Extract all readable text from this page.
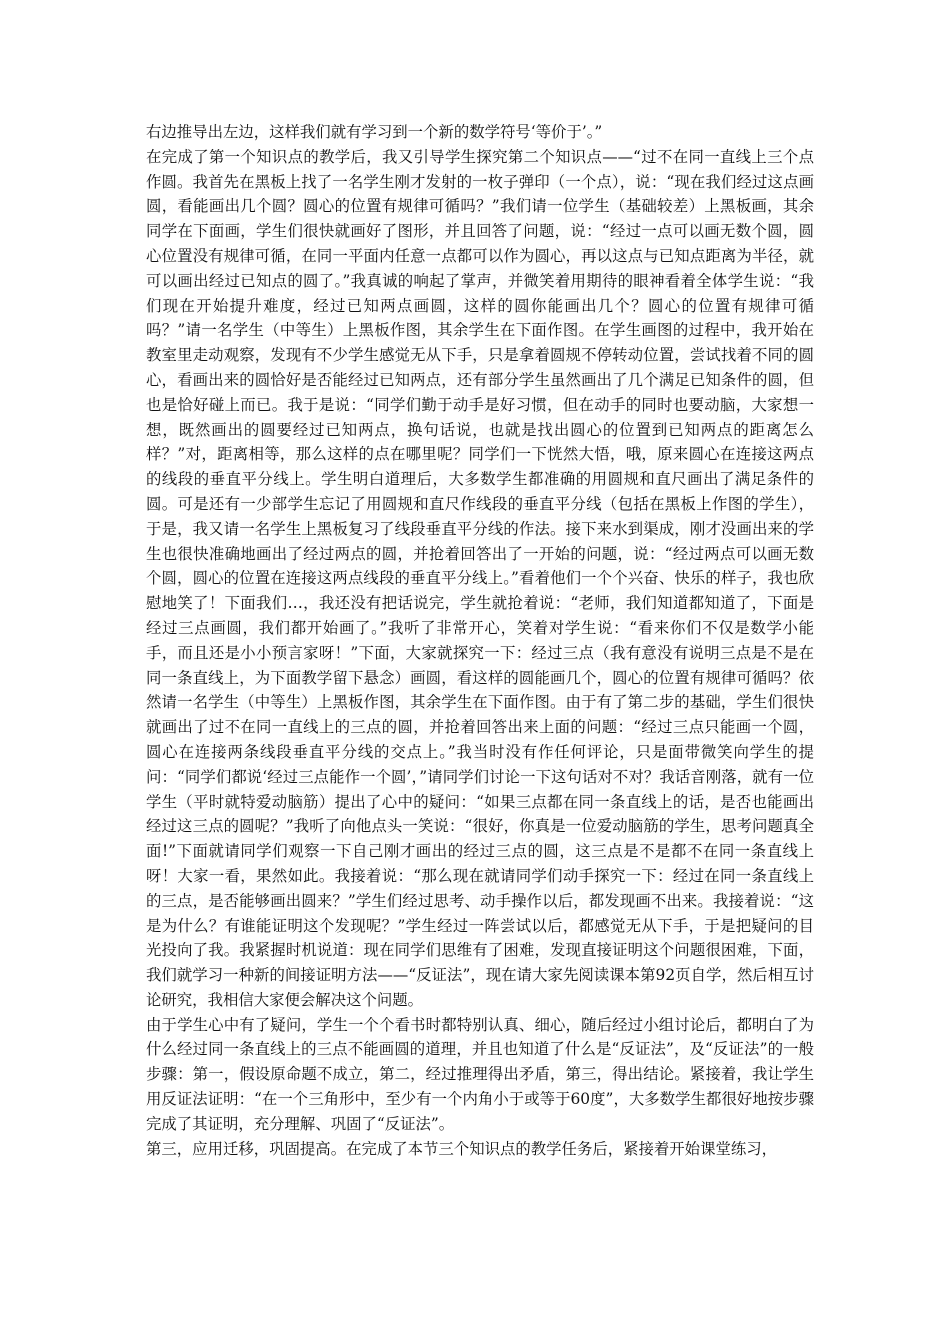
右边推导出左边，这样我们就有学习到一个新的数学符号‘等价于’。”

在完成了第一个知识点的教学后，我又引导学生探究第二个知识点——“过不在同一直线上三个点作圆。我首先在黑板上找了一名学生刚才发射的一枚子弹印（一个点），说：“现在我们经过这点画圆，看能画出几个圆？圆心的位置有规律可循吗？”我们请一位学生（基础较差）上黑板画，其余同学在下面画，学生们很快就画好了图形，并且回答了问题，说：“经过一点可以画无数个圆，圆心位置没有规律可循，在同一平面内任意一点都可以作为圆心，再以这点与已知点距离为半径，就可以画出经过已知点的圆了。”我真诚的响起了掌声，并微笑着用期待的眼神看着全体学生说：“我们现在开始提升难度，经过已知两点画圆，这样的圆你能画出几个？圆心的位置有规律可循吗？”请一名学生（中等生）上黑板作图，其余学生在下面作图。在学生画图的过程中，我开始在教室里走动观察，发现有不少学生感觉无从下手，只是拿着圆规不停转动位置，尝试找着不同的圆心，看画出来的圆恰好是否能经过已知两点，还有部分学生虽然画出了几个满足已知条件的圆，但也是恰好碰上而已。我于是说：“同学们勤于动手是好习惯，但在动手的同时也要动脑，大家想一想，既然画出的圆要经过已知两点，换句话说，也就是找出圆心的位置到已知两点的距离怎么样？”对，距离相等，那么这样的点在哪里呢？同学们一下恍然大悟，哦，原来圆心在连接这两点的线段的垂直平分线上。学生明白道理后，大多数学生都准确的用圆规和直尺画出了满足条件的圆。可是还有一少部学生忘记了用圆规和直尺作线段的垂直平分线（包括在黑板上作图的学生），于是，我又请一名学生上黑板复习了线段垂直平分线的作法。接下来水到渠成，刚才没画出来的学生也很快准确地画出了经过两点的圆，并抢着回答出了一开始的问题，说：“经过两点可以画无数个圆，圆心的位置在连接这两点线段的垂直平分线上。”看着他们一个个兴奋、快乐的样子，我也欣慰地笑了！下面我们…，我还没有把话说完，学生就抢着说：“老师，我们知道都知道了，下面是经过三点画圆，我们都开始画了。”我听了非常开心，笑着对学生说：“看来你们不仅是数学小能手，而且还是小小预言家呀！”下面，大家就探究一下：经过三点（我有意没有说明三点是不是在同一条直线上，为下面教学留下悬念）画圆，看这样的圆能画几个，圆心的位置有规律可循吗？依然请一名学生（中等生）上黑板作图，其余学生在下面作图。由于有了第二步的基础，学生们很快就画出了过不在同一直线上的三点的圆，并抢着回答出来上面的问题：“经过三点只能画一个圆，圆心在连接两条线段垂直平分线的交点上。”我当时没有作任何评论，只是面带微笑向学生的提问：“同学们都说‘经过三点能作一个圆’，”请同学们讨论一下这句话对不对？我话音刚落，就有一位学生（平时就特爱动脑筋）提出了心中的疑问：“如果三点都在同一条直线上的话，是否也能画出经过这三点的圆呢？”我听了向他点头一笑说：“很好，你真是一位爱动脑筋的学生，思考问题真全面!”下面就请同学们观察一下自己刚才画出的经过三点的圆，这三点是不是都不在同一条直线上呀！大家一看，果然如此。我接着说：“那么现在就请同学们动手探究一下：经过在同一条直线上的三点，是否能够画出圆来？”学生们经过思考、动手操作以后，都发现画不出来。我接着说：“这是为什么？有谁能证明这个发现呢？”学生经过一阵尝试以后，都感觉无从下手，于是把疑问的目光投向了我。我紧握时机说道：现在同学们思维有了困难，发现直接证明这个问题很困难，下面，我们就学习一种新的间接证明方法——“反证法”，现在请大家先阅读课本第92页自学，然后相互讨论研究，我相信大家便会解决这个问题。

由于学生心中有了疑问，学生一个个看书时都特别认真、细心，随后经过小组讨论后，都明白了为什么经过同一条直线上的三点不能画圆的道理，并且也知道了什么是“反证法”，及“反证法”的一般步骤：第一，假设原命题不成立，第二，经过推理得出矛盾，第三，得出结论。紧接着，我让学生用反证法证明：“在一个三角形中，至少有一个内角小于或等于60度”，大多数学生都很好地按步骤完成了其证明，充分理解、巩固了“反证法”。

第三，应用迁移，巩固提高。在完成了本节三个知识点的教学任务后，紧接着开始课堂练习，
